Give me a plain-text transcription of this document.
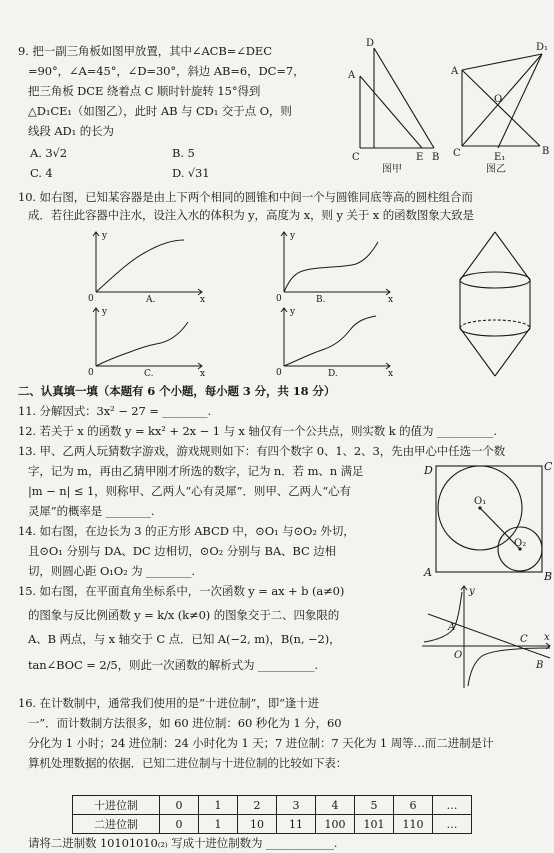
9. 把一副三角板如图甲放置，其中∠ACB=∠DEC
=90°，∠A=45°，∠D=30°，斜边 AB=6，DC=7，
把三角板 DCE 绕着点 C 顺时针旋转 15°得到
△D₁CE₁（如图乙），此时 AB 与 CD₁ 交于点 O，则
线段 AD₁ 的长为
A. 3√2	B. 5
C. 4	D. √31
D
A
C	E B
图甲
D₁
A
O
B
C	E₁
图乙
10. 如右图，已知某容器是由上下两个相同的圆锥和中间一个与圆锥同底等高的圆柱组合而
成．若往此容器中注水，设注入水的体积为 y，高度为 x，则 y 关于 x 的函数图象大致是
y
x
0	A.
y
x
0	B.
y
x
0	C.
y
x
0	D.
二、认真填一填（本题有 6 个小题，每小题 3 分，共 18 分）
11. 分解因式：3x² − 27 = ________.
12. 若关于 x 的函数 y = kx² + 2x − 1 与 x 轴仅有一个公共点，则实数 k 的值为 __________.
13. 甲、乙两人玩猜数字游戏，游戏规则如下：有四个数字 0、1、2、3，先由甲心中任选一个数
字，记为 m，再由乙猜甲刚才所选的数字，记为 n．若 m、n 满足
|m − n| ≤ 1，则称甲、乙两人“心有灵犀”．则甲、乙两人“心有
灵犀”的概率是 ________.
14. 如右图，在边长为 3 的正方形 ABCD 中，⊙O₁ 与⊙O₂ 外切，
且⊙O₁ 分别与 DA、DC 边相切，⊙O₂ 分别与 BA、BC 边相
切，则圆心距 O₁O₂ 为 ________.
D	C
A	B
O₁
O₂
15. 如右图，在平面直角坐标系中，一次函数 y = ax + b (a≠0)
的图象与反比例函数 y = k/x (k≠0) 的图象交于二、四象限的
A、B 两点，与 x 轴交于 C 点．已知 A(−2, m)，B(n, −2)，
tan∠BOC = 2/5，则此一次函数的解析式为 __________.
y
x
A
C
B
O
16. 在计数制中，通常我们使用的是“十进位制”，即“逢十进
一”．而计数制方法很多，如 60 进位制：60 秒化为 1 分，60
分化为 1 小时；24 进位制：24 小时化为 1 天；7 进位制：7 天化为 1 周等…而二进制是计
算机处理数据的依据．已知二进位制与十进位制的比较如下表：
十进位制	0	1	2	3	4	5	6	…
二进位制	0	1	10	11	100	101	110	…
请将二进制数 10101010₍₂₎ 写成十进位制数为 ____________.
